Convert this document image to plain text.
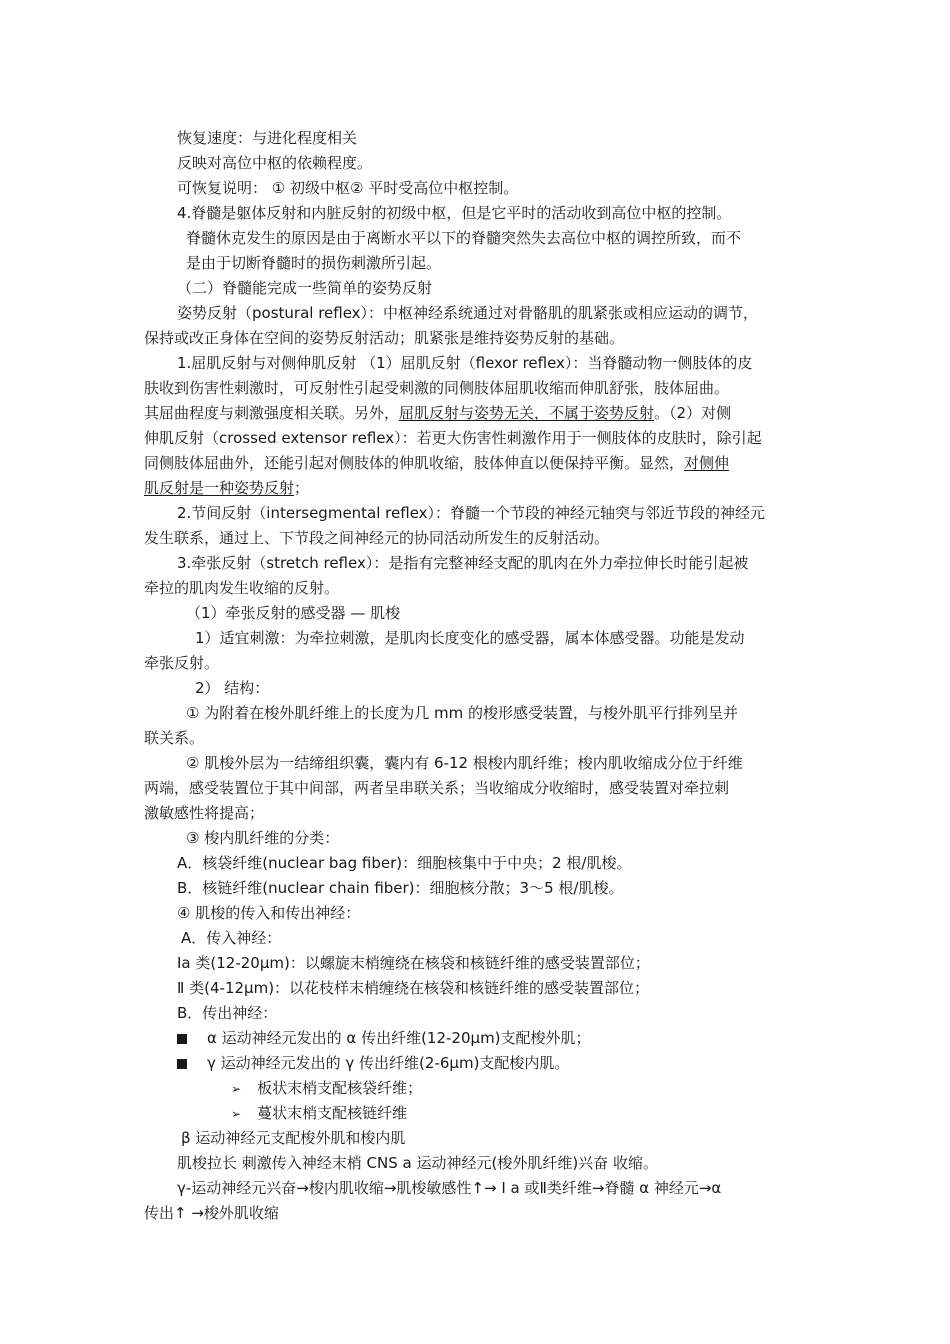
恢复速度：与进化程度相关
反映对高位中枢的依赖程度。
可恢复说明： ① 初级中枢② 平时受高位中枢控制。
4.脊髓是躯体反射和内脏反射的初级中枢，但是它平时的活动收到高位中枢的控制。
脊髓休克发生的原因是由于离断水平以下的脊髓突然失去高位中枢的调控所致，而不
是由于切断脊髓时的损伤刺激所引起。
（二）脊髓能完成一些简单的姿势反射
姿势反射（postural reflex）：中枢神经系统通过对骨骼肌的肌紧张或相应运动的调节，
保持或改正身体在空间的姿势反射活动；肌紧张是维持姿势反射的基础。
1.屈肌反射与对侧伸肌反射 （1）屈肌反射（flexor reflex）：当脊髓动物一侧肢体的皮
肤收到伤害性刺激时，可反射性引起受刺激的同侧肢体屈肌收缩而伸肌舒张，肢体屈曲。
其屈曲程度与刺激强度相关联。另外，屈肌反射与姿势无关，不属于姿势反射。（2）对侧
伸肌反射（crossed extensor reflex）：若更大伤害性刺激作用于一侧肢体的皮肤时，除引起
同侧肢体屈曲外，还能引起对侧肢体的伸肌收缩，肢体伸直以便保持平衡。显然，对侧伸
肌反射是一种姿势反射；
2.节间反射（intersegmental reflex）：脊髓一个节段的神经元轴突与邻近节段的神经元
发生联系，通过上、下节段之间神经元的协同活动所发生的反射活动。
3.牵张反射（stretch reflex）：是指有完整神经支配的肌肉在外力牵拉伸长时能引起被
牵拉的肌肉发生收缩的反射。
（1）牵张反射的感受器 — 肌梭
1）适宜刺激：为牵拉刺激，是肌肉长度变化的感受器，属本体感受器。功能是发动
牵张反射。
2） 结构：
① 为附着在梭外肌纤维上的长度为几 mm 的梭形感受装置，与梭外肌平行排列呈并
联关系。
② 肌梭外层为一结缔组织囊，囊内有 6-12 根梭内肌纤维；梭内肌收缩成分位于纤维
两端，感受装置位于其中间部，两者呈串联关系；当收缩成分收缩时，感受装置对牵拉刺
激敏感性将提高；
③ 梭内肌纤维的分类：
A．核袋纤维(nuclear bag fiber)：细胞核集中于中央；2 根/肌梭。
B．核链纤维(nuclear chain fiber)：细胞核分散；3～5 根/肌梭。
④ 肌梭的传入和传出神经：
A．传入神经：
Ⅰa 类(12-20μm)：以螺旋末梢缠绕在核袋和核链纤维的感受装置部位；
Ⅱ 类(4-12μm)：以花枝样末梢缠绕在核袋和核链纤维的感受装置部位；
B．传出神经：
α 运动神经元发出的 α 传出纤维(12-20μm)支配梭外肌；
γ 运动神经元发出的 γ 传出纤维(2-6μm)支配梭内肌。
➢ 板状末梢支配核袋纤维；
➢ 蔓状末梢支配核链纤维
β 运动神经元支配梭外肌和梭内肌
肌梭拉长 刺激传入神经末梢 CNS a 运动神经元(梭外肌纤维)兴奋 收缩。
γ-运动神经元兴奋→梭内肌收缩→肌梭敏感性↑→ Ⅰ a 或Ⅱ类纤维→脊髓 α 神经元→α
传出↑ →梭外肌收缩
